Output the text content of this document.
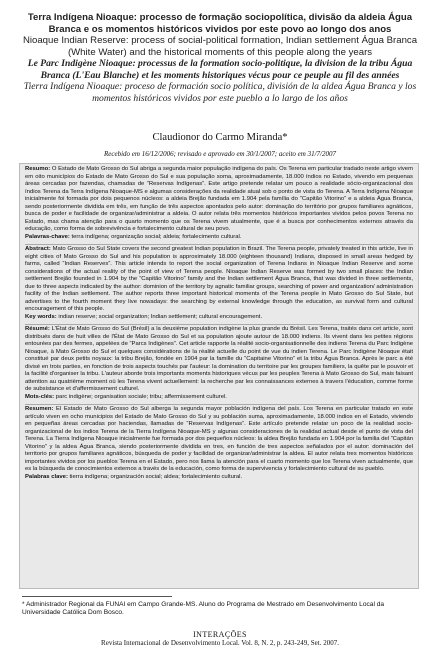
Terra Indígena Nioaque: processo de formação sociopolítica, divisão da aldeia Água Branca e os momentos históricos vividos por este povo ao longo dos anos
Nioaque Indian Reserve: process of social-political formation, Indian settlement Água Branca (White Water) and the historical moments of this people along the years
Le Parc Indigène Nioaque: processus de la formation socio-politique, la division de la tribu Água Branca (L'Eau Blanche) et les moments historiques vécus pour ce peuple au fil des années
Tierra Indígena Nioaque: proceso de formación socio política, división de la aldea Água Branca y los momentos históricos vividos por este pueblo a lo largo de los años
Claudionor do Carmo Miranda*
Recebido em 16/12/2006; revisado e aprovado em 30/1/2007; aceito em 31/7/2007

Resumo: O Estado de Mato Grosso do Sul abriga a segunda maior população indígena do país. Os Terena em particular tradado neste artigo vivem em oito municípios do Estado de Mato Grosso do Sul e sua população soma, aproximadamente, 18.000 índios no Estado, vivendo em pequenas áreas cercadas por fazendas, chamadas de “Reservas Indígenas”. Este artigo pretende relatar um pouco a realidade sócio-organizacional dos índios Terena da Terra Indígena Nioaque-MS e algumas considerações da realidade atual sob o ponto de vista do Terena. A Terra Indígena Nioaque inicialmente foi formada por dois pequenos núcleos: a aldeia Brejão fundada em 1.904 pela família do “Capitão Vitorino” e a aldeia Água Branca, sendo posteriormente dividida em três, em função de três aspectos apontados pelo autor: dominação do território por grupos familiares agnáticos, busca de poder e facilidade de organizar/administrar a aldeia. O autor relata três momentos históricos importantes vividos pelos povos Terena no Estado, mas chama atenção para o quarto momento que os Terena vivem atualmente, que é a busca por conhecimentos externos através da educação, como forma de sobrevivência e fortalecimento cultural de seu povo.

Palavras-chave: terra indígena; organização social; aldeia; fortalecimento cultural.

Abstract: Mato Grosso do Sul State covers the second greatest Indian population in Brazil. The Terena people, privately treated in this article, live in eight cities of Mato Grosso do Sul and his population is approximately 18.000 (eighteen thousand) Indians, disposed in small areas hedged by farms, called “Indian Reserves”. This article intends to report the social organization of Terena Indians in Nioaque Indian Reserve and some considerations of the actual reality of the point of view of Terena people. Nioaque Indian Reserve was formed by two small places: the Indian settlement Brejão founded in 1.904 by the “Capitão Vitorino” family and the Indian settlement Água Branca, that was divided in three settlements, due to three aspects indicated by the author: dominion of the territory by agnatic familiar groups, searching of power and organization/ administration facility of the Indian settlement. The author reports three important historical moments of the Terena people in Mato Grosso do Sul State, but advertises to the fourth moment they live nowadays: the searching by external knowledge through the education, as survival form and cultural encouragement of this people.

Key words: indian reserve; social organization; Indian settlement; cultural encouragement.

Résumé: L'État de Mato Grosso do Sul (Brésil) a la deuxième population indigène la plus grande du Brésil. Les Terena, traités dans cet article, sont distribués dans de huit villes de l'État de Mato Grosso do Sul et sa population ajoute autour de 18.000 indiens. Ils vivent dans les petites régions entourées par des fermes, appelées de “Parcs Indigènes”. Cet article rapporte la réalité socio-organisationnelle des indiens Terena du Parc Indigène Nioaque, à Mato Grosso do Sul et quelques considérations de la réalité actuelle du point de vue du indien Terena. Le Parc Indigène Nioaque était constitué par deux petits noyaux: la tribu Brejão, fondée en 1904 par la famille du “Capitaine Vitorino” et la tribu Água Branca. Après le parc a été divisé en trois parties, en fonction de trois aspects touchés par l'auteur: la domination du territoire par les groupes familiers, la quête par le pouvoir et la facilité d'organiser la tribu. L'auteur aborde trois importants moments historiques vécus par les peuples Terena à Mato Grosso do Sul, mais faisant attention au quatrième moment où les Terena vivent actuellement: la recherche par les connaissances externes à travers l'éducation, comme forme de subsistance et d'affermissement culturel.

Mots-clés: parc indigène; organisation sociale; tribu; affermissement culturel.

Resumen: El Estado de Mato Grosso do Sul alberga la segunda mayor población indígena del país. Los Terena en particular tratado en este artículo viven en ocho municipios del Estado de Mato Grosso do Sul y su población suma, aproximadamente, 18.000 indios en el Estado, viviendo en pequeñas áreas cercadas por haciendas, llamadas de “Reservas Indígenas”. Este artículo pretende relatar un poco de la realidad socio-organizacional de los indios Terena de la Tierra Indígena Nioaque-MS y algunas consideraciones de la realidad actual desde el punto de vista del Terena. La Tierra Indígena Nioaque inicialmente fue formada por dos pequeños núcleos: la aldea Brejão fundada en 1.904 por la familia del “Capitán Vitorino” y la aldea Água Branca, siendo posteriormente dividida en tres, en función de tres aspectos señalados por el autor: dominación del territorio por grupos familiares agnáticos, búsqueda de poder y facilidad de organizar/administrar la aldea. El autor relata tres momentos históricos importantes vividos por los pueblos Terena en el Estado, pero nos llama la atención para el cuarto momento que los Terena viven actualmente, que es la búsqueda de conocimientos externos a través de la educación, como forma de supervivencia y fortalecimiento cultural de su pueblo.

Palabras clave: tierra indígena; organización social; aldea; fortalecimiento cultural.

* Administrador Regional da FUNAI em Campo Grande-MS. Aluno do Programa de Mestrado em Desenvolvimento Local da Universidade Católica Dom Bosco.
INTERAÇÕES
Revista Internacional de Desenvolvimento Local. Vol. 8, N. 2, p. 243-249, Set. 2007.
